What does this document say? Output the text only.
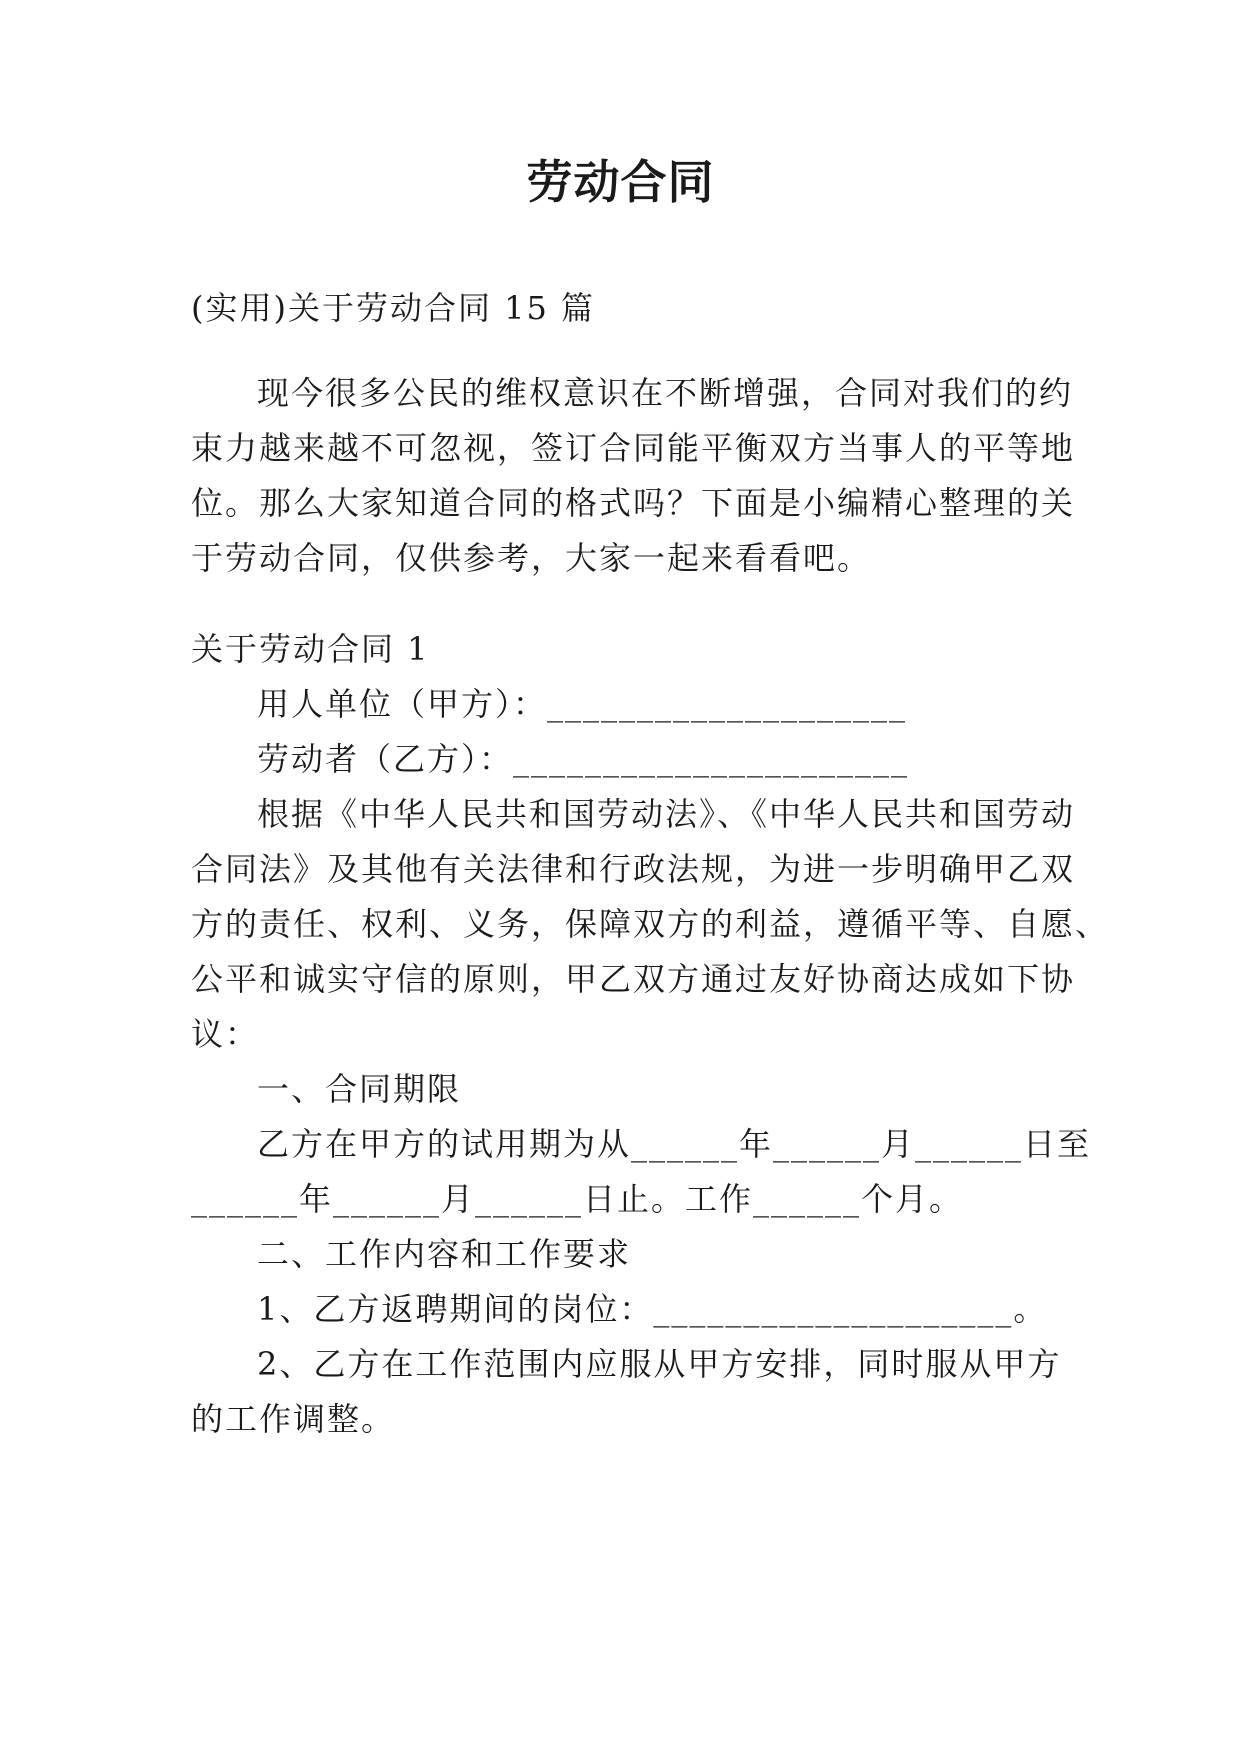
劳动合同
(实用)关于劳动合同 15 篇
现今很多公民的维权意识在不断增强，合同对我们的约
束力越来越不可忽视，签订合同能平衡双方当事人的平等地
位。那么大家知道合同的格式吗？下面是小编精心整理的关
于劳动合同，仅供参考，大家一起来看看吧。
关于劳动合同 1
用人单位（甲方）：____________________
劳动者（乙方）：______________________
根据《中华人民共和国劳动法》、《中华人民共和国劳动
合同法》及其他有关法律和行政法规，为进一步明确甲乙双
方的责任、权利、义务，保障双方的利益，遵循平等、自愿、
公平和诚实守信的原则，甲乙双方通过友好协商达成如下协
议：
一、合同期限
乙方在甲方的试用期为从______年______月______日至
______年______月______日止。工作______个月。
二、工作内容和工作要求
1、乙方返聘期间的岗位：____________________。
2、乙方在工作范围内应服从甲方安排，同时服从甲方
的工作调整。
